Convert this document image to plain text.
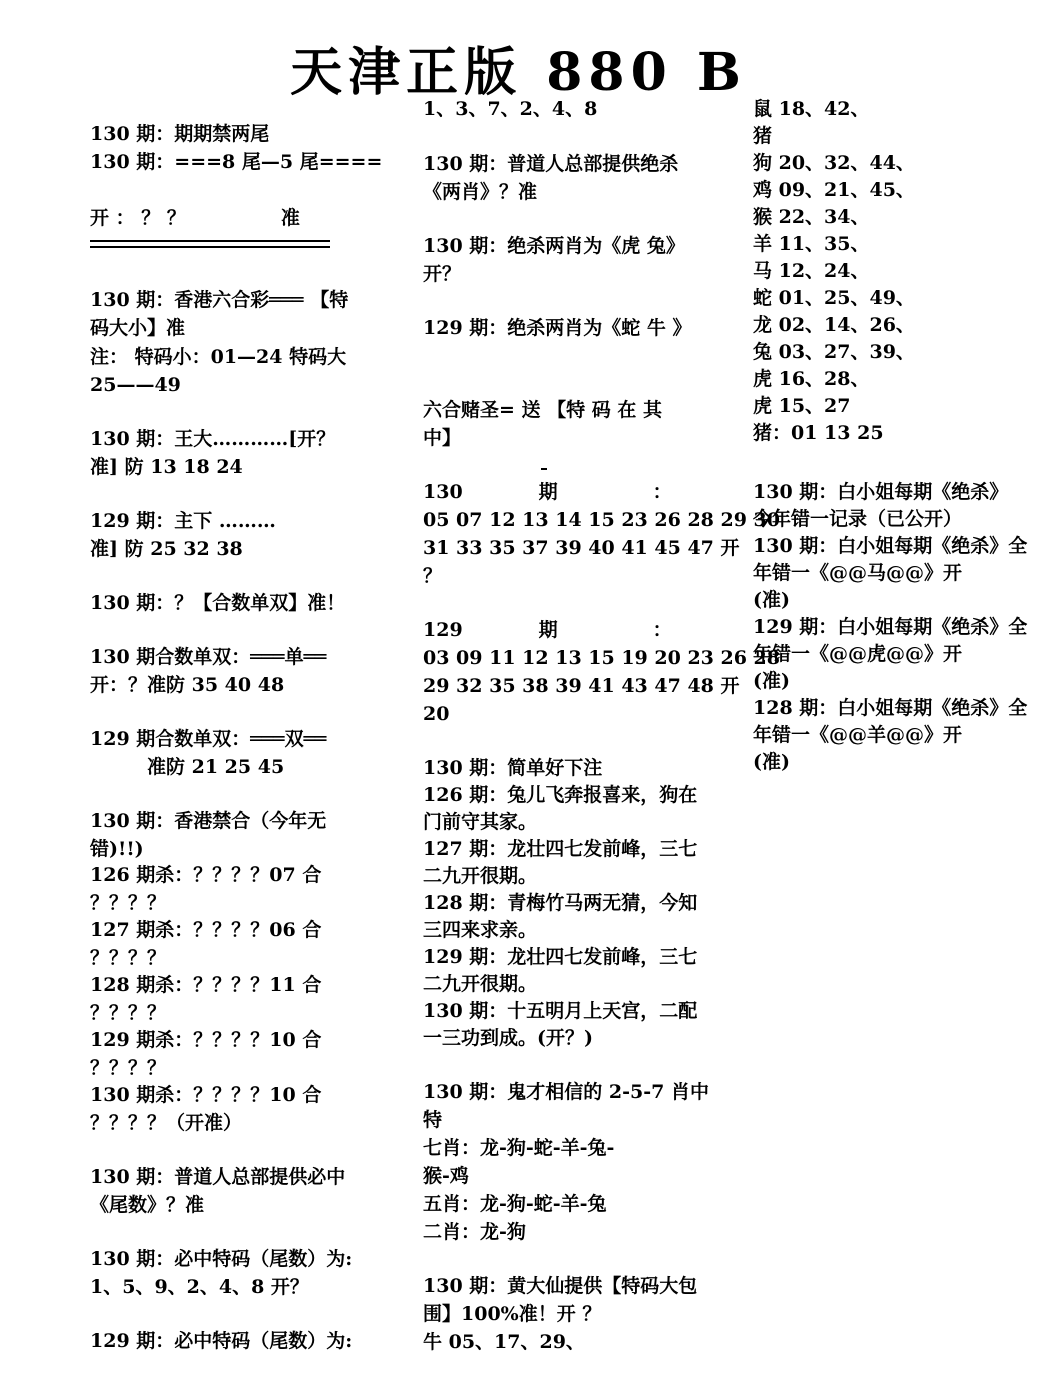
天津正版 880 B
130 期：期期禁两尾
130 期：===8 尾—5 尾====
开 ： ？ ？　　　　　准
130 期：香港六合彩═══ 【特
码大小】准
注： 特码小：01—24 特码大
25——49
130 期：王大…………[开？
准] 防 13 18 24
129 期：主下 ………
准] 防 25 32 38
130 期：？【合数单双】准！
130 期合数单双：═══单══
开：？准防 35 40 48
129 期合数单双：═══双══
　　　准防 21 25 45
130 期：香港禁合（今年无
错)!!)
126 期杀：？？？？07 合
？？？？
127 期杀：？？？？06 合
？？？？
128 期杀：？？？？11 合
？？？？
129 期杀：？？？？10 合
？？？？
130 期杀：？？？？10 合
？？？？（开准）
130 期：普道人总部提供必中
《尾数》？准
130 期：必中特码（尾数）为:
1、5、9、2、4、8 开？
129 期：必中特码（尾数）为:
1、3、7、2、4、8
130 期：普道人总部提供绝杀
《两肖》？准
130 期：绝杀两肖为《虎 兔》
开？
129 期：绝杀两肖为《蛇 牛 》
六合赌圣= 送 【特 码 在 其
中】
130　　　　期　　　　　：
05 07 12 13 14 15 23 26 28 29 30
31 33 35 37 39 40 41 45 47 开
？
129　　　　期　　　　　：
03 09 11 12 13 15 19 20 23 26 28
29 32 35 38 39 41 43 47 48 开
20
130 期：简单好下注
126 期：兔儿飞奔报喜来，狗在
门前守其家。
127 期：龙壮四七发前峰，三七
二九开很期。
128 期：青梅竹马两无猜，今知
三四来求亲。
129 期：龙壮四七发前峰，三七
二九开很期。
130 期：十五明月上天宫，二配
一三功到成。(开？)
130 期：鬼才相信的 2-5-7 肖中
特
七肖：龙-狗-蛇-羊-兔-
猴-鸡
五肖：龙-狗-蛇-羊-兔
二肖：龙-狗
130 期：黄大仙提供【特码大包
围】100%准！开 ？
牛 05、17、29、
鼠 18、42、
猪
狗 20、32、44、
鸡 09、21、45、
猴 22、34、
羊 11、35、
马 12、24、
蛇 01、25、49、
龙 02、14、26、
兔 03、27、39、
虎 16、28、
虎 15、27
猪：01 13 25
130 期：白小姐每期《绝杀》
今年错一记录（已公开）
130 期：白小姐每期《绝杀》全
年错一《@@马@@》开
(准)
129 期：白小姐每期《绝杀》全
年错一《@@虎@@》开
(准)
128 期：白小姐每期《绝杀》全
年错一《@@羊@@》开
(准)
